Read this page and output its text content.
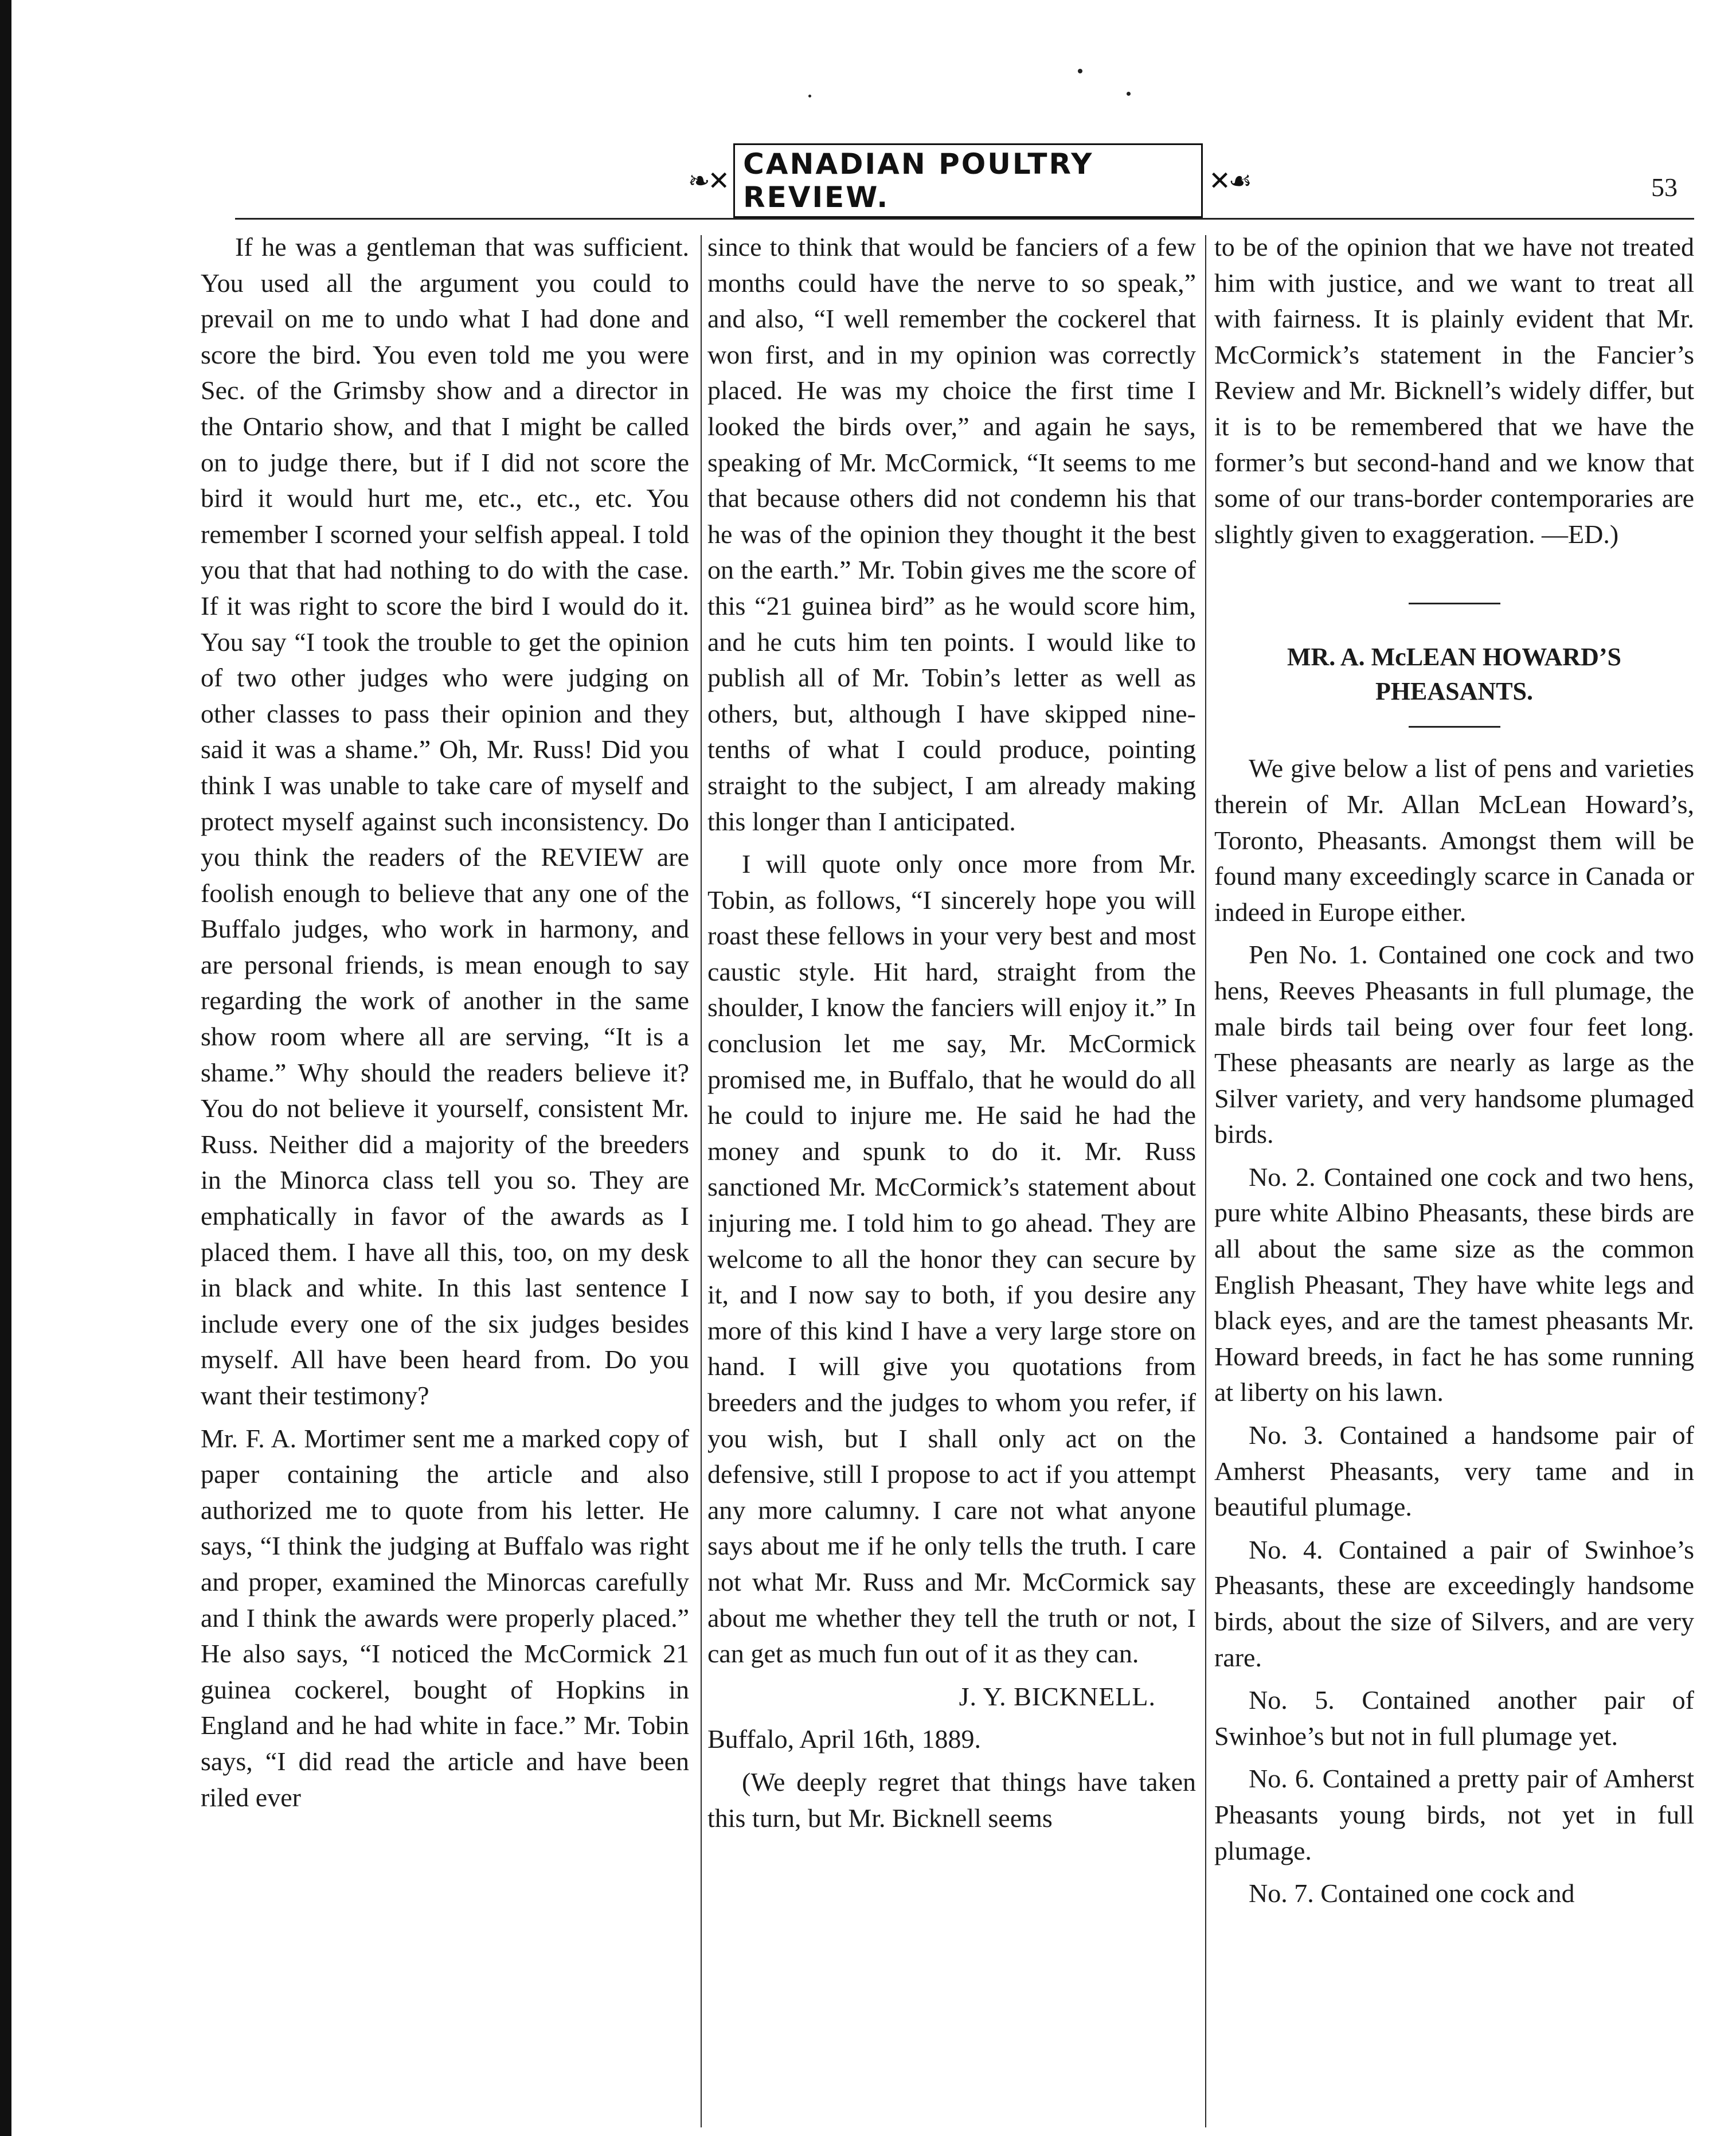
❧✕ CANADIAN POULTRY REVIEW.	✕☙	53

If he was a gentleman that was sufficient. You used all the argument you could to prevail on me to undo what I had done and score the bird. You even told me you were Sec. of the Grimsby show and a director in the Ontario show, and that I might be called on to judge there, but if I did not score the bird it would hurt me, etc., etc., etc. You remember I scorned your selfish appeal. I told you that that had nothing to do with the case. If it was right to score the bird I would do it. You say “I took the trouble to get the opinion of two other judges who were judging on other classes to pass their opinion and they said it was a shame.” Oh, Mr. Russ! Did you think I was unable to take care of myself and protect myself against such inconsistency. Do you think the readers of the REVIEW are foolish enough to believe that any one of the Buffalo judges, who work in harmony, and are personal friends, is mean enough to say regarding the work of another in the same show room where all are serving, “It is a shame.” Why should the readers believe it? You do not believe it yourself, consistent Mr. Russ. Neither did a majority of the breeders in the Minorca class tell you so. They are emphatically in favor of the awards as I placed them. I have all this, too, on my desk in black and white. In this last sentence I include every one of the six judges besides myself. All have been heard from. Do you want their testimony?

Mr. F. A. Mortimer sent me a marked copy of paper containing the article and also authorized me to quote from his letter. He says, “I think the judging at Buffalo was right and proper, examined the Minorcas carefully and I think the awards were properly placed.” He also says, “I noticed the McCormick 21 guinea cockerel, bought of Hopkins in England and he had white in face.” Mr. Tobin says, “I did read the article and have been riled ever

since to think that would be fanciers of a few months could have the nerve to so speak,” and also, “I well remember the cockerel that won first, and in my opinion was correctly placed. He was my choice the first time I looked the birds over,” and again he says, speaking of Mr. McCormick, “It seems to me that because others did not condemn his that he was of the opinion they thought it the best on the earth.” Mr. Tobin gives me the score of this “21 guinea bird” as he would score him, and he cuts him ten points. I would like to publish all of Mr. Tobin’s letter as well as others, but, although I have skipped nine-tenths of what I could produce, pointing straight to the subject, I am already making this longer than I anticipated.

I will quote only once more from Mr. Tobin, as follows, “I sincerely hope you will roast these fellows in your very best and most caustic style. Hit hard, straight from the shoulder, I know the fanciers will enjoy it.” In conclusion let me say, Mr. McCormick promised me, in Buffalo, that he would do all he could to injure me. He said he had the money and spunk to do it. Mr. Russ sanctioned Mr. McCormick’s statement about injuring me. I told him to go ahead. They are welcome to all the honor they can secure by it, and I now say to both, if you desire any more of this kind I have a very large store on hand. I will give you quotations from breeders and the judges to whom you refer, if you wish, but I shall only act on the defensive, still I propose to act if you attempt any more calumny. I care not what anyone says about me if he only tells the truth. I care not what Mr. Russ and Mr. McCormick say about me whether they tell the truth or not, I can get as much fun out of it as they can.

J. Y. BICKNELL.

Buffalo, April 16th, 1889.

(We deeply regret that things have taken this turn, but Mr. Bicknell seems

to be of the opinion that we have not treated him with justice, and we want to treat all with fairness. It is plainly evident that Mr. McCormick’s statement in the Fancier’s Review and Mr. Bicknell’s widely differ, but it is to be remembered that we have the former’s but second-hand and we know that some of our trans-border contemporaries are slightly given to exaggeration. —ED.)

MR. A. McLEAN HOWARD’S PHEASANTS.

We give below a list of pens and varieties therein of Mr. Allan McLean Howard’s, Toronto, Pheasants. Amongst them will be found many exceedingly scarce in Canada or indeed in Europe either.

Pen No. 1. Contained one cock and two hens, Reeves Pheasants in full plumage, the male birds tail being over four feet long. These pheasants are nearly as large as the Silver variety, and very handsome plumaged birds.

No. 2. Contained one cock and two hens, pure white Albino Pheasants, these birds are all about the same size as the common English Pheasant, They have white legs and black eyes, and are the tamest pheasants Mr. Howard breeds, in fact he has some running at liberty on his lawn.

No. 3. Contained a handsome pair of Amherst Pheasants, very tame and in beautiful plumage.

No. 4. Contained a pair of Swinhoe’s Pheasants, these are exceedingly handsome birds, about the size of Silvers, and are very rare.

No. 5. Contained another pair of Swinhoe’s but not in full plumage yet.

No. 6. Contained a pretty pair of Amherst Pheasants young birds, not yet in full plumage.

No. 7. Contained one cock and
